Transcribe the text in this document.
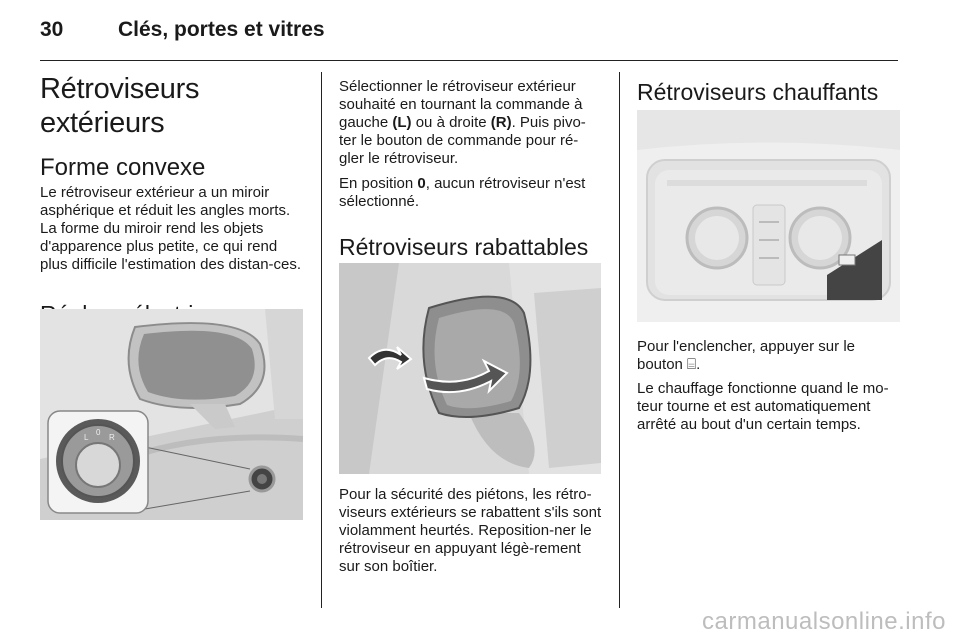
30	Clés, portes et vitres
Rétroviseurs extérieurs
Forme convexe

Le rétroviseur extérieur a un miroir asphérique et réduit les angles morts. La forme du miroir rend les objets d'apparence plus petite, ce qui rend plus difficile l'estimation des distan-ces.

L
0
R

Sélectionner le rétroviseur extérieur souhaité en tournant la commande à gauche (L) ou à droite (R). Puis pivo-ter le bouton de commande pour ré-gler le rétroviseur.

En position 0, aucun rétroviseur n'est sélectionné.

Rétroviseurs rabattables

Pour la sécurité des piétons, les rétro-viseurs extérieurs se rabattent s'ils sont violamment heurtés. Reposition-ner le rétroviseur en appuyant légè-rement sur son boîtier.

Rétroviseurs chauffants

Pour l'enclencher, appuyer sur le bouton ⌸.

Le chauffage fonctionne quand le mo-teur tourne et est automatiquement arrêté au bout d'un certain temps.

carmanualsonline.info
